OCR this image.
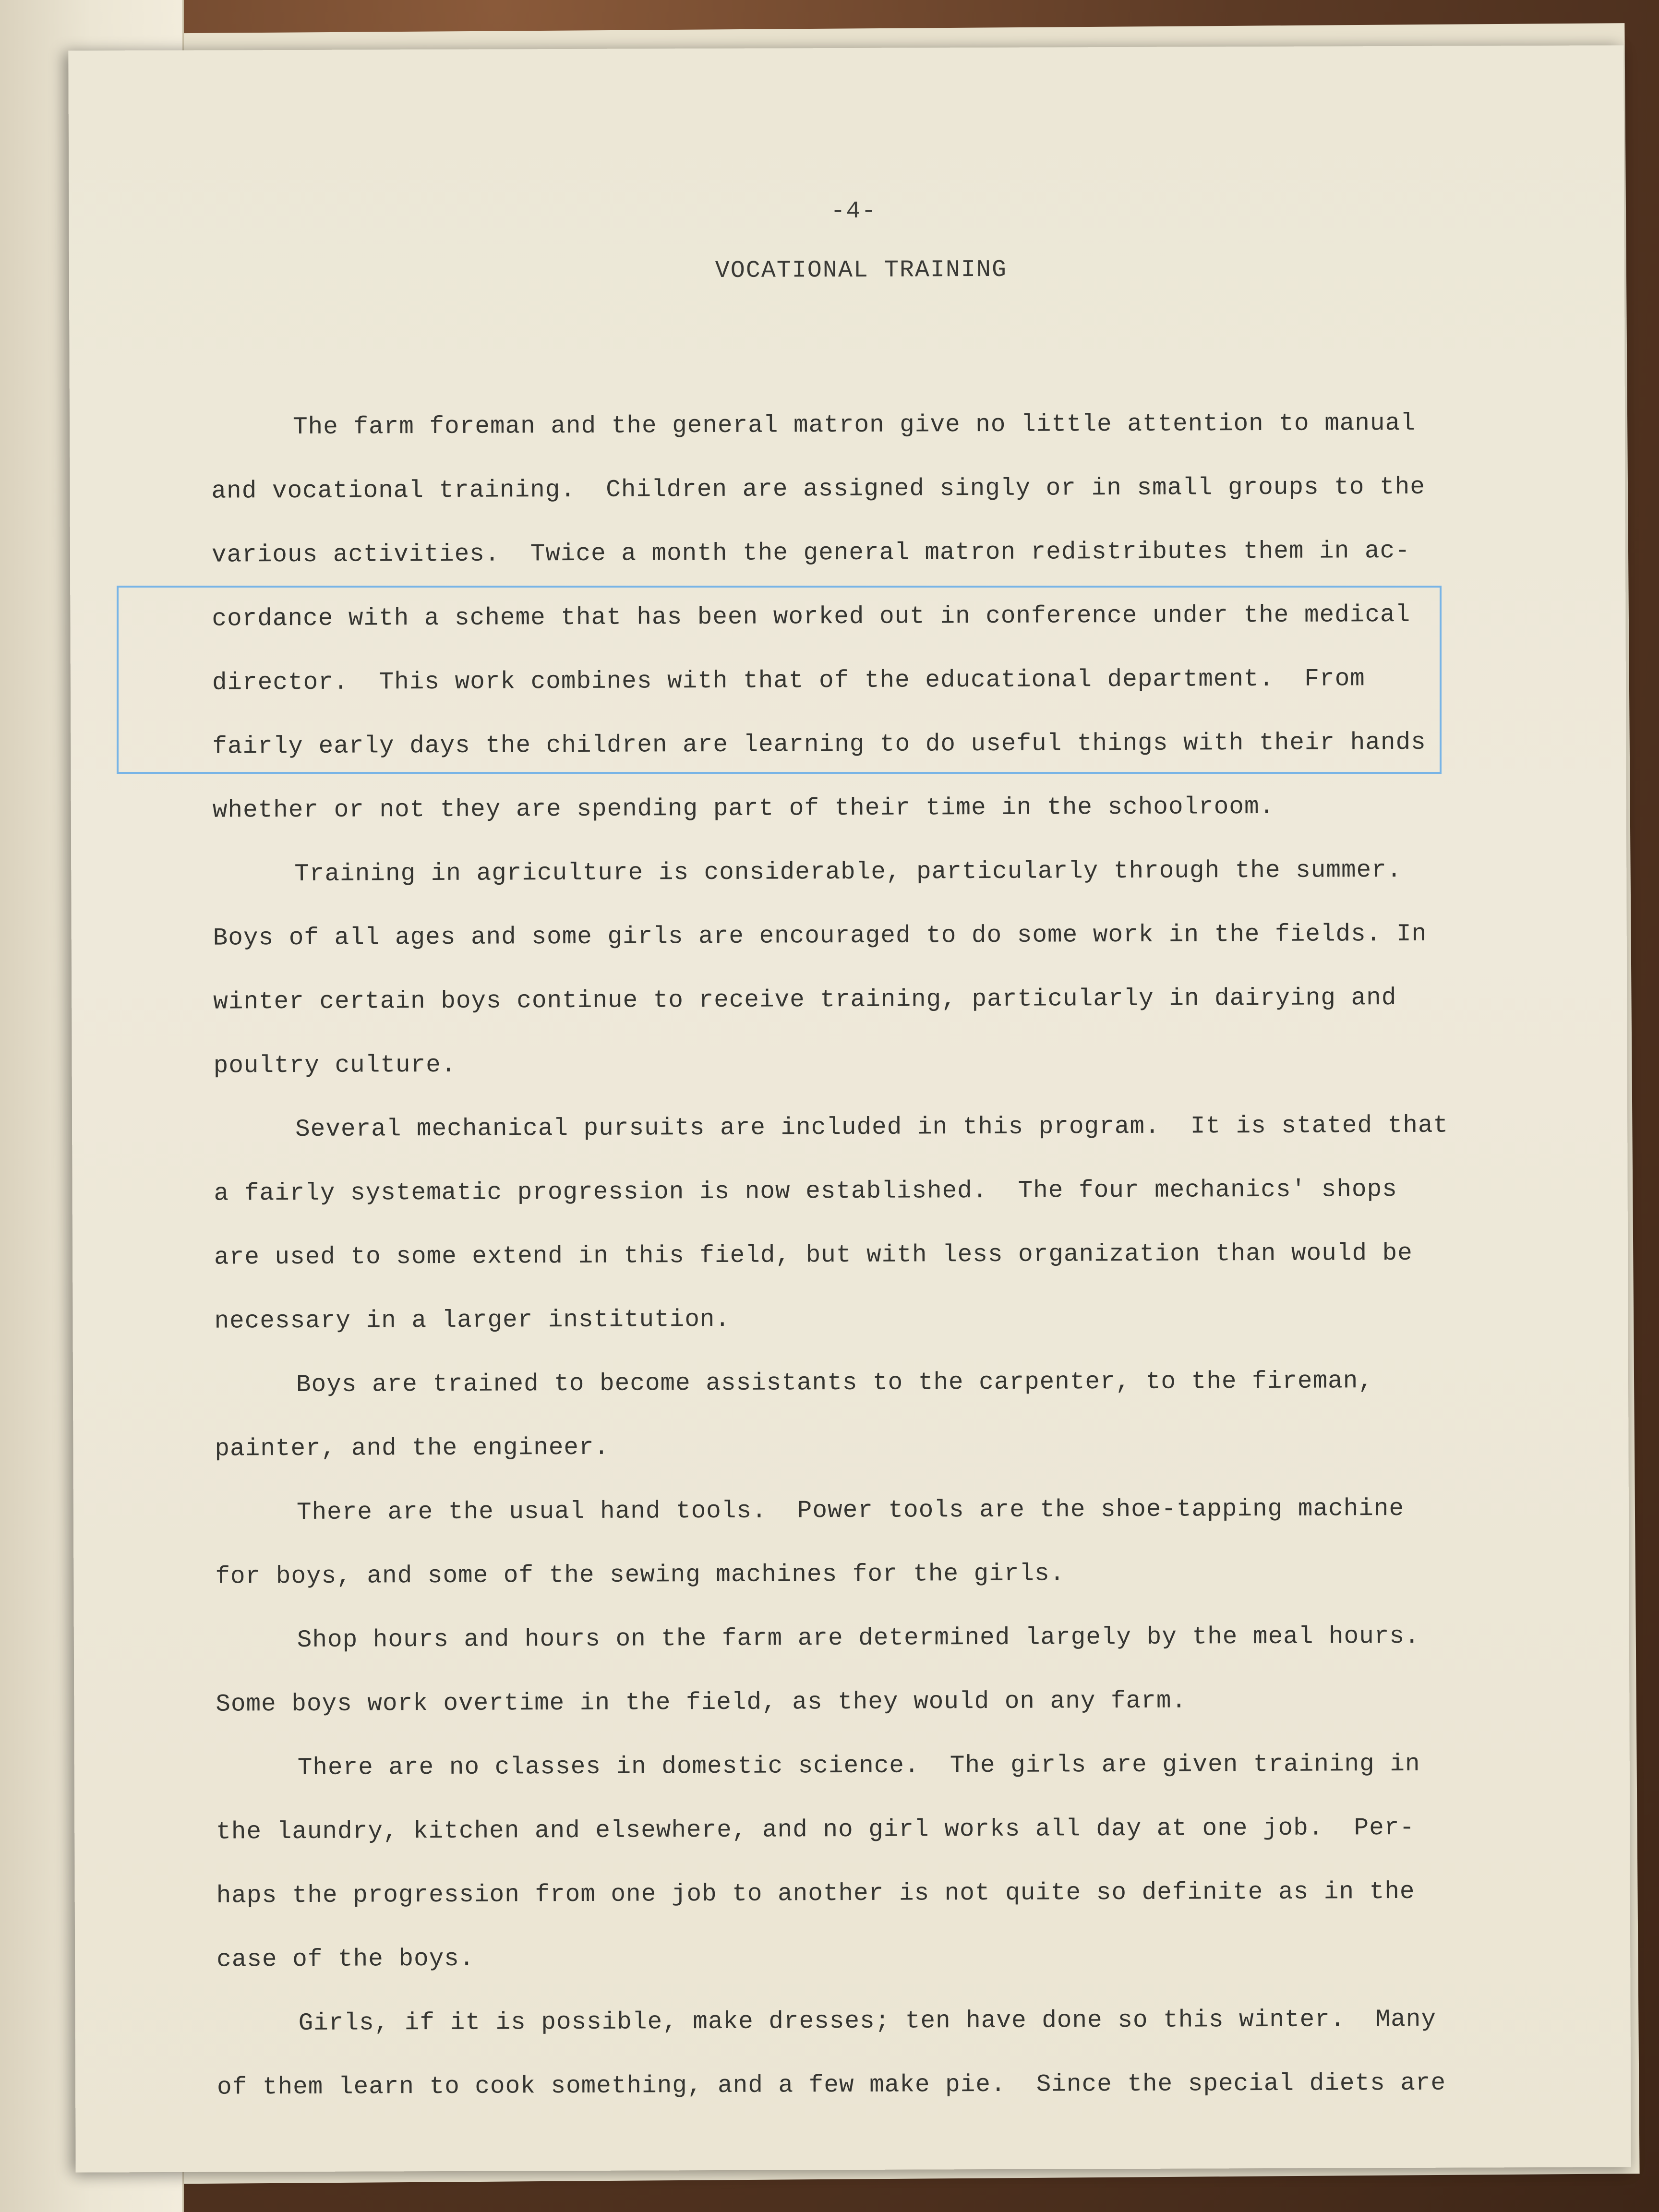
-4-
VOCATIONAL TRAINING
The farm foreman and the general matron give no little attention to manual
and vocational training.  Children are assigned singly or in small groups to the
various activities.  Twice a month the general matron redistributes them in ac-
cordance with a scheme that has been worked out in conference under the medical
director.  This work combines with that of the educational department.  From
fairly early days the children are learning to do useful things with their hands
whether or not they are spending part of their time in the schoolroom.
Training in agriculture is considerable, particularly through the summer.
Boys of all ages and some girls are encouraged to do some work in the fields. In
winter certain boys continue to receive training, particularly in dairying and
poultry culture.
Several mechanical pursuits are included in this program.  It is stated that
a fairly systematic progression is now established.  The four mechanics' shops
are used to some extend in this field, but with less organization than would be
necessary in a larger institution.
Boys are trained to become assistants to the carpenter, to the fireman,
painter, and the engineer.
There are the usual hand tools.  Power tools are the shoe-tapping machine
for boys, and some of the sewing machines for the girls.
Shop hours and hours on the farm are determined largely by the meal hours.
Some boys work overtime in the field, as they would on any farm.
There are no classes in domestic science.  The girls are given training in
the laundry, kitchen and elsewhere, and no girl works all day at one job.  Per-
haps the progression from one job to another is not quite so definite as in the
case of the boys.
Girls, if it is possible, make dresses; ten have done so this winter.  Many
of them learn to cook something, and a few make pie.  Since the special diets are
